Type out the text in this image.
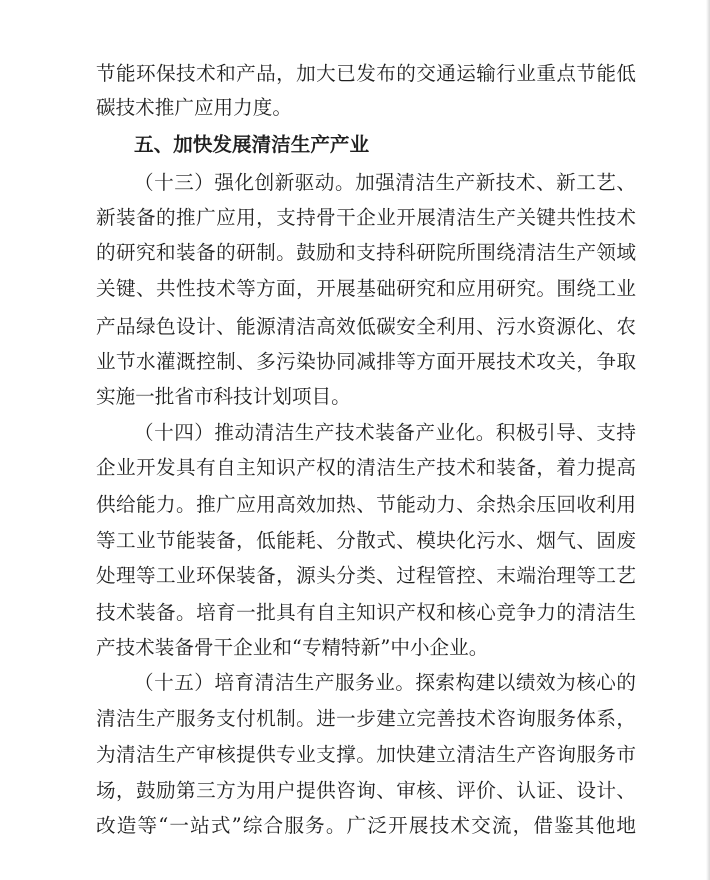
节能环保技术和产品，加大已发布的交通运输行业重点节能低

碳技术推广应用力度。

五、加快发展清洁生产产业

（十三）强化创新驱动。加强清洁生产新技术、新工艺、

新装备的推广应用，支持骨干企业开展清洁生产关键共性技术

的研究和装备的研制。鼓励和支持科研院所围绕清洁生产领域

关键、共性技术等方面，开展基础研究和应用研究。围绕工业

产品绿色设计、能源清洁高效低碳安全利用、污水资源化、农

业节水灌溉控制、多污染协同减排等方面开展技术攻关，争取

实施一批省市科技计划项目。

（十四）推动清洁生产技术装备产业化。积极引导、支持

企业开发具有自主知识产权的清洁生产技术和装备，着力提高

供给能力。推广应用高效加热、节能动力、余热余压回收利用

等工业节能装备，低能耗、分散式、模块化污水、烟气、固废

处理等工业环保装备，源头分类、过程管控、末端治理等工艺

技术装备。培育一批具有自主知识产权和核心竞争力的清洁生

产技术装备骨干企业和“专精特新”中小企业。

（十五）培育清洁生产服务业。探索构建以绩效为核心的

清洁生产服务支付机制。进一步建立完善技术咨询服务体系，

为清洁生产审核提供专业支撑。加快建立清洁生产咨询服务市

场，鼓励第三方为用户提供咨询、审核、评价、认证、设计、

改造等“一站式”综合服务。广泛开展技术交流，借鉴其他地
